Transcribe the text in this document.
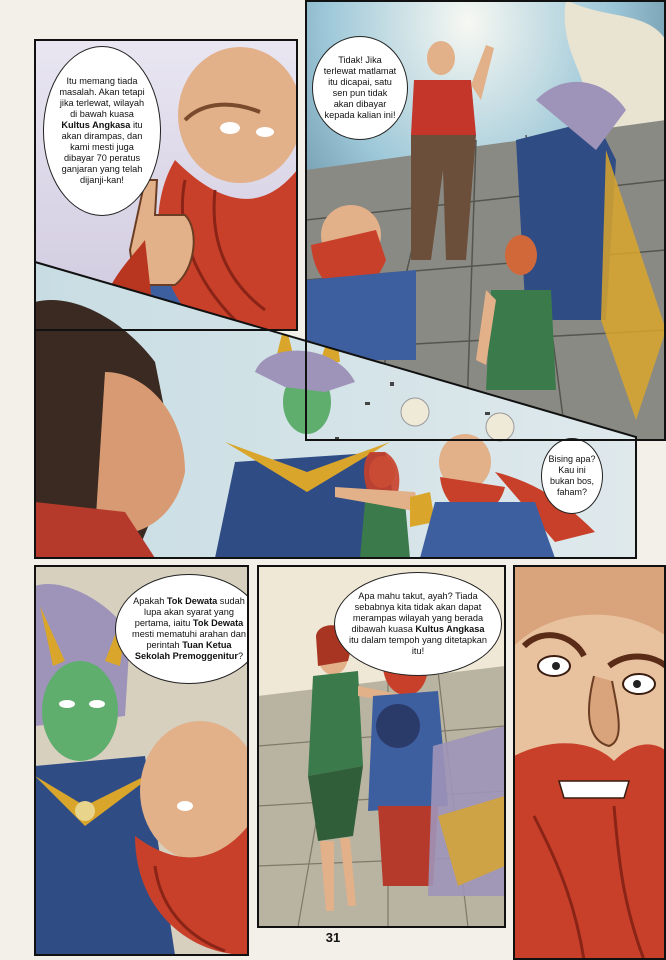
Itu memang tiada masalah. Akan tetapi jika terlewat, wilayah di bawah kuasa Kultus Angkasa itu akan dirampas, dan kami mesti juga dibayar 70 peratus ganjaran yang telah dijanji-kan!
Tidak! Jika terlewat matlamat itu dicapai, satu sen pun tidak akan dibayar kepada kalian ini!
Bising apa? Kau ini bukan bos, faham?
Apakah Tok Dewata sudah lupa akan syarat yang pertama, iaitu Tok Dewata mesti mematuhi arahan dan perintah Tuan Ketua Sekolah Premoggenitur?
Apa mahu takut, ayah? Tiada sebabnya kita tidak akan dapat merampas wilayah yang berada dibawah kuasa Kultus Angkasa itu dalam tempoh yang ditetapkan itu!
31
